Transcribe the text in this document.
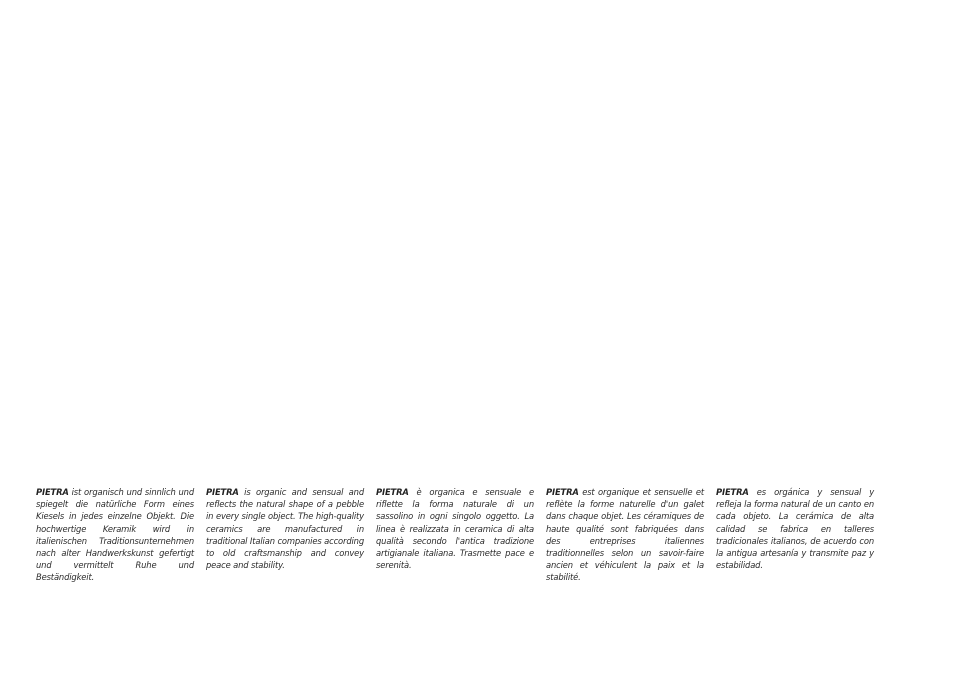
PIETRA ist organisch und sinnlich und spiegelt die natürliche Form eines Kiesels in jedes einzelne Objekt. Die hochwertige Keramik wird in italienischen Traditionsunternehmen nach alter Handwerkskunst gefertigt und vermittelt Ruhe und Beständigkeit.

PIETRA is organic and sensual and reflects the natural shape of a pebble in every single object. The high-quality ceramics are manufactured in traditional Italian companies according to old craftsmanship and convey peace and stability.

PIETRA è organica e sensuale e riflette la forma naturale di un sassolino in ogni singolo oggetto. La linea è realizzata in ceramica di alta qualità secondo l'antica tradizione artigianale italiana. Trasmette pace e serenità.

PIETRA est organique et sensuelle et reflète la forme naturelle d'un galet dans chaque objet. Les céramiques de haute qualité sont fabriquées dans des entreprises italiennes traditionnelles selon un savoir-faire ancien et véhiculent la paix et la stabilité.

PIETRA es orgánica y sensual y refleja la forma natural de un canto en cada objeto. La cerámica de alta calidad se fabrica en talleres tradicionales italianos, de acuerdo con la antigua artesanía y transmite paz y estabilidad.
